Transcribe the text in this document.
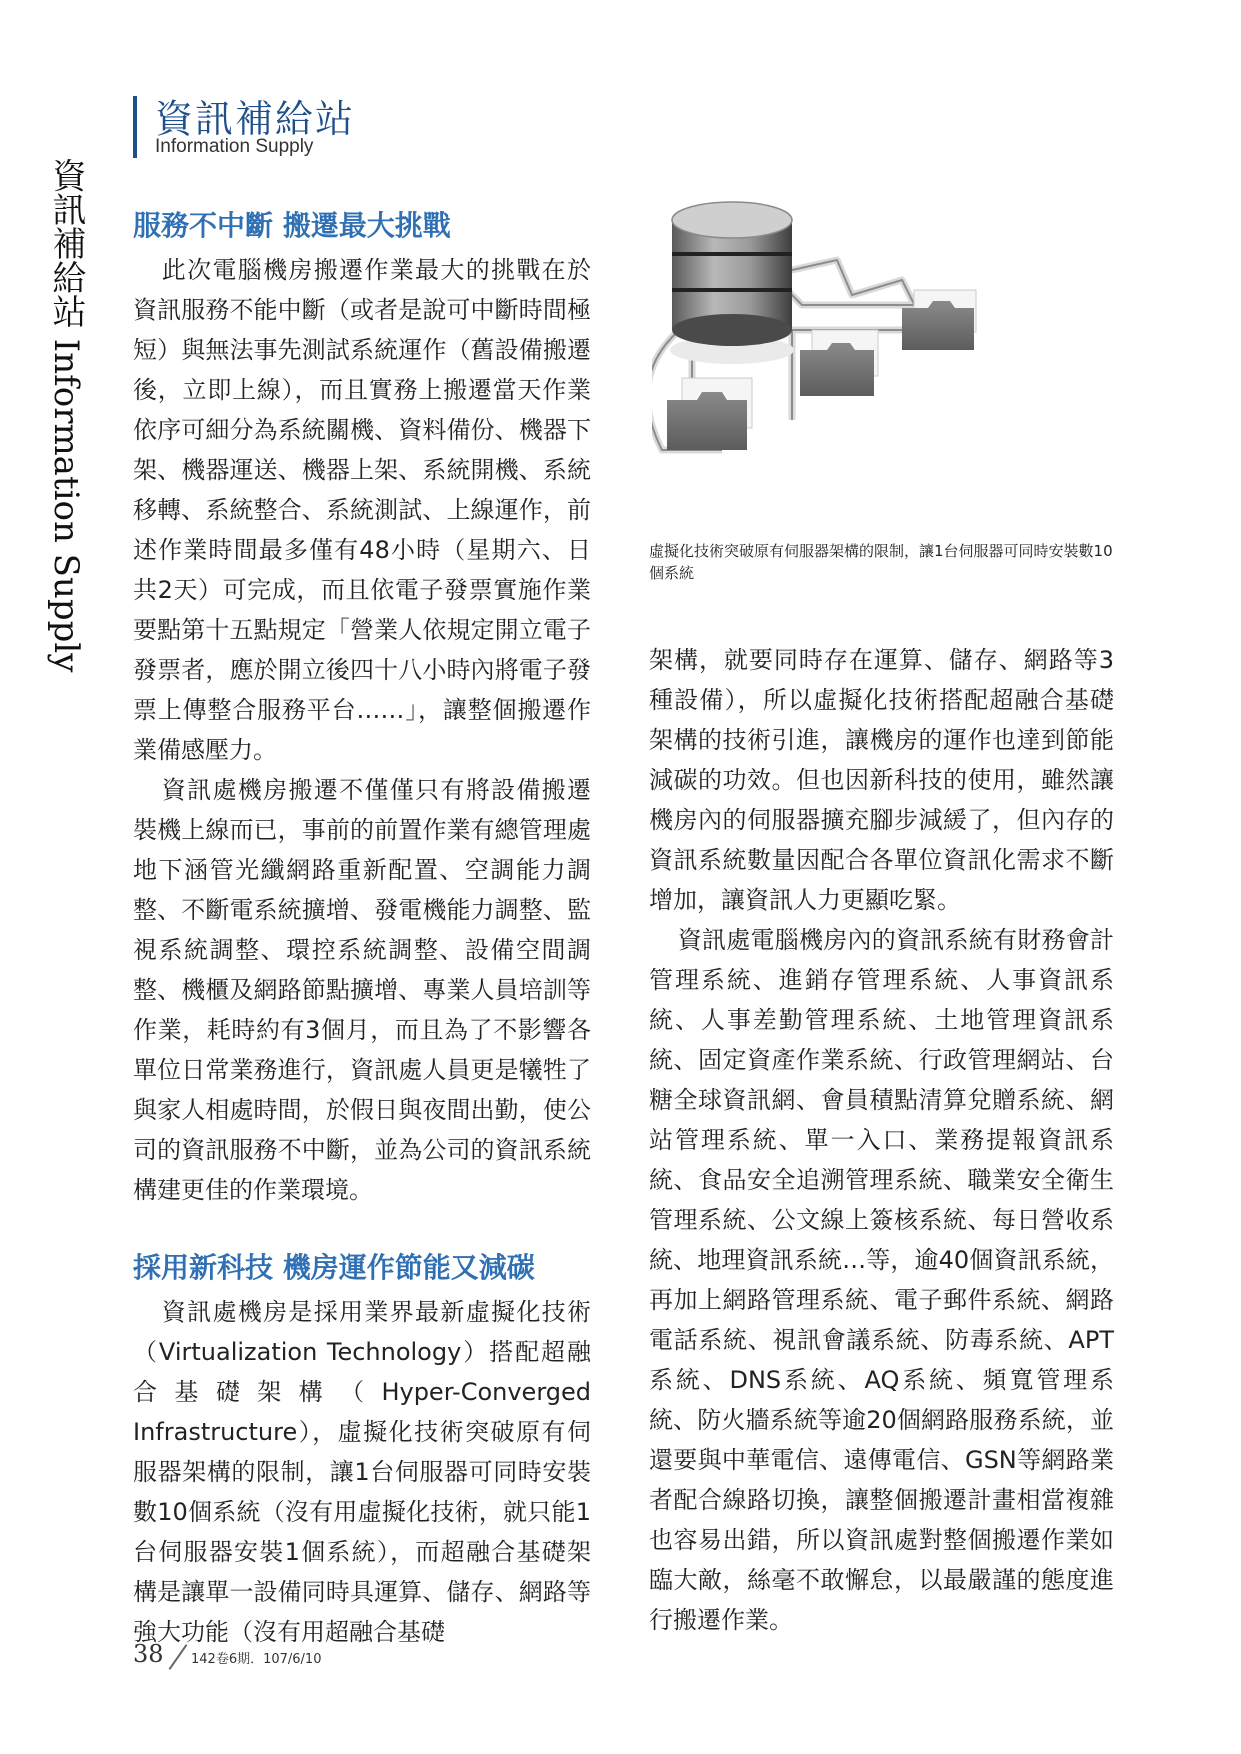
資訊補給站
Information Supply
資訊補給站 Information Supply	服務不中斷 搬遷最大挑戰

此次電腦機房搬遷作業最大的挑戰在於資訊服務不能中斷（或者是說可中斷時間極短）與無法事先測試系統運作（舊設備搬遷後，立即上線），而且實務上搬遷當天作業依序可細分為系統關機、資料備份、機器下架、機器運送、機器上架、系統開機、系統移轉、系統整合、系統測試、上線運作，前述作業時間最多僅有48小時（星期六、日共2天）可完成，而且依電子發票實施作業要點第十五點規定「營業人依規定開立電子發票者，應於開立後四十八小時內將電子發票上傳整合服務平台……」，讓整個搬遷作業備感壓力。

資訊處機房搬遷不僅僅只有將設備搬遷裝機上線而已，事前的前置作業有總管理處地下涵管光纖網路重新配置、空調能力調整、不斷電系統擴增、發電機能力調整、監視系統調整、環控系統調整、設備空間調整、機櫃及網路節點擴增、專業人員培訓等作業，耗時約有3個月，而且為了不影響各單位日常業務進行，資訊處人員更是犧牲了與家人相處時間，於假日與夜間出勤，使公司的資訊服務不中斷，並為公司的資訊系統構建更佳的作業環境。

採用新科技 機房運作節能又減碳

資訊處機房是採用業界最新虛擬化技術（Virtualization Technology）搭配超融合基礎架構（Hyper-Converged Infrastructure），虛擬化技術突破原有伺服器架構的限制，讓1台伺服器可同時安裝數10個系統（沒有用虛擬化技術，就只能1台伺服器安裝1個系統），而超融合基礎架構是讓單一設備同時具運算、儲存、網路等強大功能（沒有用超融合基礎

虛擬化技術突破原有伺服器架構的限制，讓1台伺服器可同時安裝數10個系統

架構，就要同時存在運算、儲存、網路等3種設備），所以虛擬化技術搭配超融合基礎架構的技術引進，讓機房的運作也達到節能減碳的功效。但也因新科技的使用，雖然讓機房內的伺服器擴充腳步減緩了，但內存的資訊系統數量因配合各單位資訊化需求不斷增加，讓資訊人力更顯吃緊。

資訊處電腦機房內的資訊系統有財務會計管理系統、進銷存管理系統、人事資訊系統、人事差勤管理系統、土地管理資訊系統、固定資產作業系統、行政管理網站、台糖全球資訊網、會員積點清算兌贈系統、網站管理系統、單一入口、業務提報資訊系統、食品安全追溯管理系統、職業安全衛生管理系統、公文線上簽核系統、每日營收系統、地理資訊系統…等，逾40個資訊系統，再加上網路管理系統、電子郵件系統、網路電話系統、視訊會議系統、防毒系統、APT系統、DNS系統、AQ系統、頻寬管理系統、防火牆系統等逾20個網路服務系統，並還要與中華電信、遠傳電信、GSN等網路業者配合線路切換，讓整個搬遷計畫相當複雜也容易出錯，所以資訊處對整個搬遷作業如臨大敵，絲毫不敢懈怠，以最嚴謹的態度進行搬遷作業。

38 142卷6期．107/6/10
